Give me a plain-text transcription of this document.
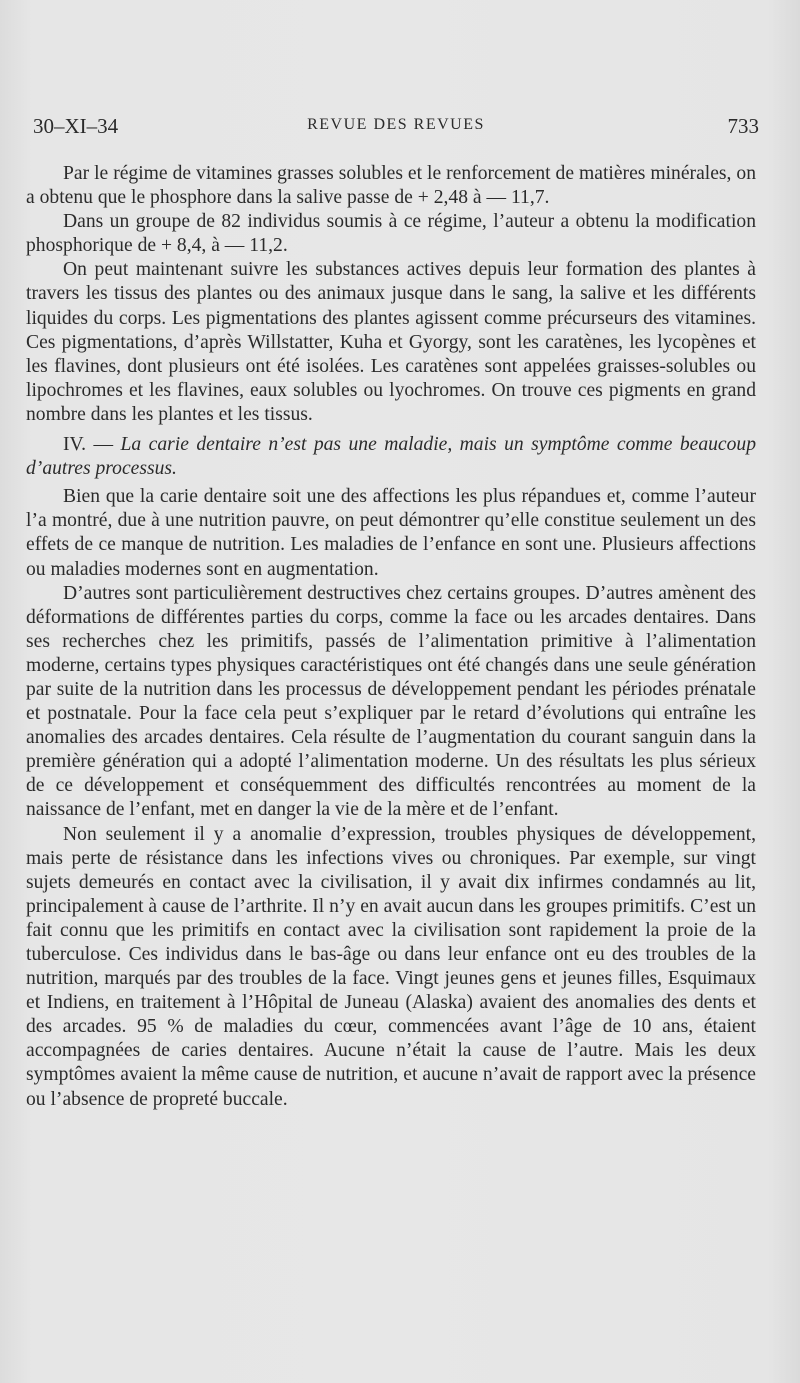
30–XI–34	REVUE DES REVUES	733

Par le régime de vitamines grasses solubles et le renforcement de matières minérales, on a obtenu que le phosphore dans la salive passe de + 2,48 à — 11,7.

Dans un groupe de 82 individus soumis à ce régime, l’auteur a obtenu la modification phosphorique de + 8,4, à — 11,2.

On peut maintenant suivre les substances actives depuis leur formation des plantes à travers les tissus des plantes ou des animaux jusque dans le sang, la salive et les différents liquides du corps. Les pigmentations des plantes agissent comme précurseurs des vitamines. Ces pigmentations, d’après Willstatter, Kuha et Gyorgy, sont les caratènes, les lycopènes et les flavines, dont plusieurs ont été isolées. Les caratènes sont appelées graisses-solubles ou lipochromes et les flavines, eaux solubles ou lyochromes. On trouve ces pigments en grand nombre dans les plantes et les tissus.

IV. — La carie dentaire n’est pas une maladie, mais un symptôme comme beaucoup d’autres processus.

Bien que la carie dentaire soit une des affections les plus répandues et, comme l’auteur l’a montré, due à une nutrition pauvre, on peut démontrer qu’elle constitue seulement un des effets de ce manque de nutrition. Les maladies de l’enfance en sont une. Plusieurs affections ou maladies modernes sont en augmentation.

D’autres sont particulièrement destructives chez certains groupes. D’autres amènent des déformations de différentes parties du corps, comme la face ou les arcades dentaires. Dans ses recherches chez les primitifs, passés de l’alimentation primitive à l’alimentation moderne, certains types physiques caractéristiques ont été changés dans une seule génération par suite de la nutrition dans les processus de développement pendant les périodes prénatale et postnatale. Pour la face cela peut s’expliquer par le retard d’évolutions qui entraîne les anomalies des arcades dentaires. Cela résulte de l’augmentation du courant sanguin dans la première génération qui a adopté l’alimentation moderne. Un des résultats les plus sérieux de ce développement et conséquemment des difficultés rencontrées au moment de la naissance de l’enfant, met en danger la vie de la mère et de l’enfant.

Non seulement il y a anomalie d’expression, troubles physiques de développement, mais perte de résistance dans les infections vives ou chroniques. Par exemple, sur vingt sujets demeurés en contact avec la civilisation, il y avait dix infirmes condamnés au lit, principalement à cause de l’arthrite. Il n’y en avait aucun dans les groupes primitifs. C’est un fait connu que les primitifs en contact avec la civilisation sont rapidement la proie de la tuberculose. Ces individus dans le bas-âge ou dans leur enfance ont eu des troubles de la nutrition, marqués par des troubles de la face. Vingt jeunes gens et jeunes filles, Esquimaux et Indiens, en traitement à l’Hôpital de Juneau (Alaska) avaient des anomalies des dents et des arcades. 95 % de maladies du cœur, commencées avant l’âge de 10 ans, étaient accompagnées de caries dentaires. Aucune n’était la cause de l’autre. Mais les deux symptômes avaient la même cause de nutrition, et aucune n’avait de rapport avec la présence ou l’absence de propreté buccale.
